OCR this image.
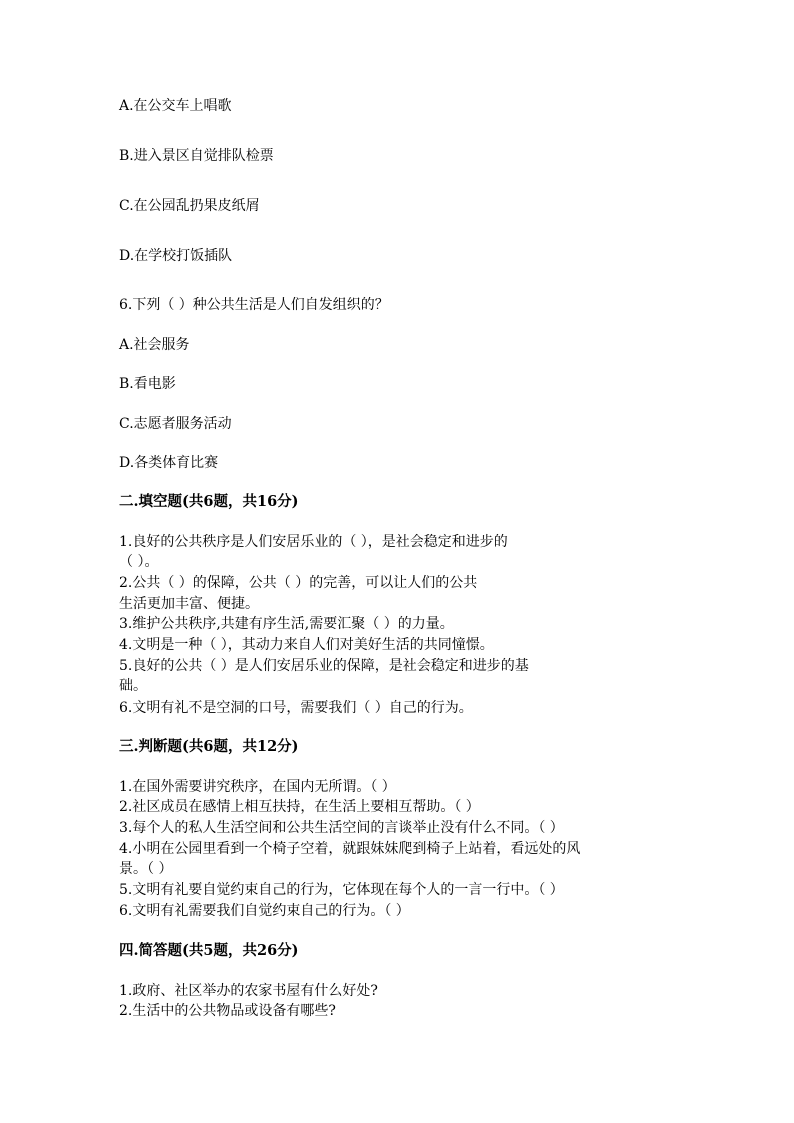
A.在公交车上唱歌
B.进入景区自觉排队检票
C.在公园乱扔果皮纸屑
D.在学校打饭插队
6.下列（ ）种公共生活是人们自发组织的？
A.社会服务
B.看电影
C.志愿者服务活动
D.各类体育比赛
二.填空题(共6题，共16分)
1.良好的公共秩序是人们安居乐业的（ ），是社会稳定和进步的
（ ）。
2.公共（ ）的保障，公共（ ）的完善，可以让人们的公共
生活更加丰富、便捷。
3.维护公共秩序,共建有序生活,需要汇聚（ ）的力量。
4.文明是一种（ ），其动力来自人们对美好生活的共同憧憬。
5.良好的公共（ ）是人们安居乐业的保障，是社会稳定和进步的基
础。
6.文明有礼不是空洞的口号，需要我们（ ）自己的行为。
三.判断题(共6题，共12分)
1.在国外需要讲究秩序，在国内无所谓。（ ）
2.社区成员在感情上相互扶持，在生活上要相互帮助。（ ）
3.每个人的私人生活空间和公共生活空间的言谈举止没有什么不同。（ ）
4.小明在公园里看到一个椅子空着，就跟妹妹爬到椅子上站着，看远处的风
景。（ ）
5.文明有礼要自觉约束自己的行为，它体现在每个人的一言一行中。（ ）
6.文明有礼需要我们自觉约束自己的行为。（ ）
四.简答题(共5题，共26分)
1.政府、社区举办的农家书屋有什么好处?
2.生活中的公共物品或设备有哪些?
